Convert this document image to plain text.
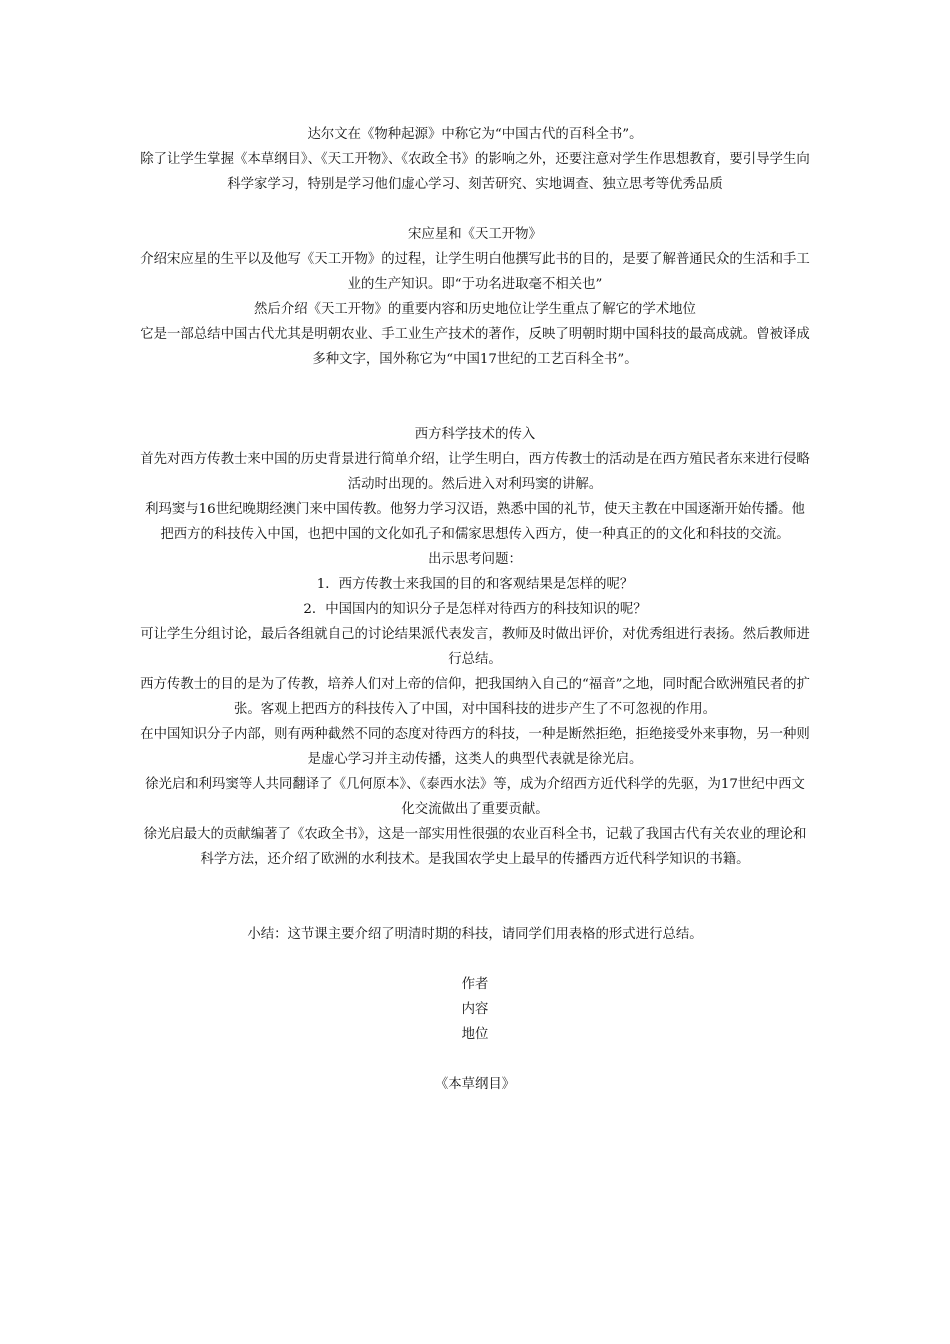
达尔文在《物种起源》中称它为“中国古代的百科全书”。

除了让学生掌握《本草纲目》、《天工开物》、《农政全书》的影响之外，还要注意对学生作思想教育，要引导学生向科学家学习，特别是学习他们虚心学习、刻苦研究、实地调查、独立思考等优秀品质

宋应星和《天工开物》

介绍宋应星的生平以及他写《天工开物》的过程，让学生明白他撰写此书的目的，是要了解普通民众的生活和手工业的生产知识。即“于功名进取毫不相关也”

然后介绍《天工开物》的重要内容和历史地位让学生重点了解它的学术地位

它是一部总结中国古代尤其是明朝农业、手工业生产技术的著作，反映了明朝时期中国科技的最高成就。曾被译成多种文字，国外称它为“中国17世纪的工艺百科全书”。

西方科学技术的传入

首先对西方传教士来中国的历史背景进行简单介绍，让学生明白，西方传教士的活动是在西方殖民者东来进行侵略活动时出现的。然后进入对利玛窦的讲解。

利玛窦与16世纪晚期经澳门来中国传教。他努力学习汉语，熟悉中国的礼节，使天主教在中国逐渐开始传播。他把西方的科技传入中国，也把中国的文化如孔子和儒家思想传入西方，使一种真正的的文化和科技的交流。

出示思考问题：

1．西方传教士来我国的目的和客观结果是怎样的呢？

2．中国国内的知识分子是怎样对待西方的科技知识的呢？

可让学生分组讨论，最后各组就自己的讨论结果派代表发言，教师及时做出评价，对优秀组进行表扬。然后教师进行总结。

西方传教士的目的是为了传教，培养人们对上帝的信仰，把我国纳入自己的“福音”之地，同时配合欧洲殖民者的扩张。客观上把西方的科技传入了中国，对中国科技的进步产生了不可忽视的作用。

在中国知识分子内部，则有两种截然不同的态度对待西方的科技，一种是断然拒绝，拒绝接受外来事物，另一种则是虚心学习并主动传播，这类人的典型代表就是徐光启。

徐光启和利玛窦等人共同翻译了《几何原本》、《泰西水法》等，成为介绍西方近代科学的先驱，为17世纪中西文化交流做出了重要贡献。

徐光启最大的贡献编著了《农政全书》，这是一部实用性很强的农业百科全书，记载了我国古代有关农业的理论和科学方法，还介绍了欧洲的水利技术。是我国农学史上最早的传播西方近代科学知识的书籍。

小结：这节课主要介绍了明清时期的科技，请同学们用表格的形式进行总结。

作者

内容

地位

《本草纲目》
